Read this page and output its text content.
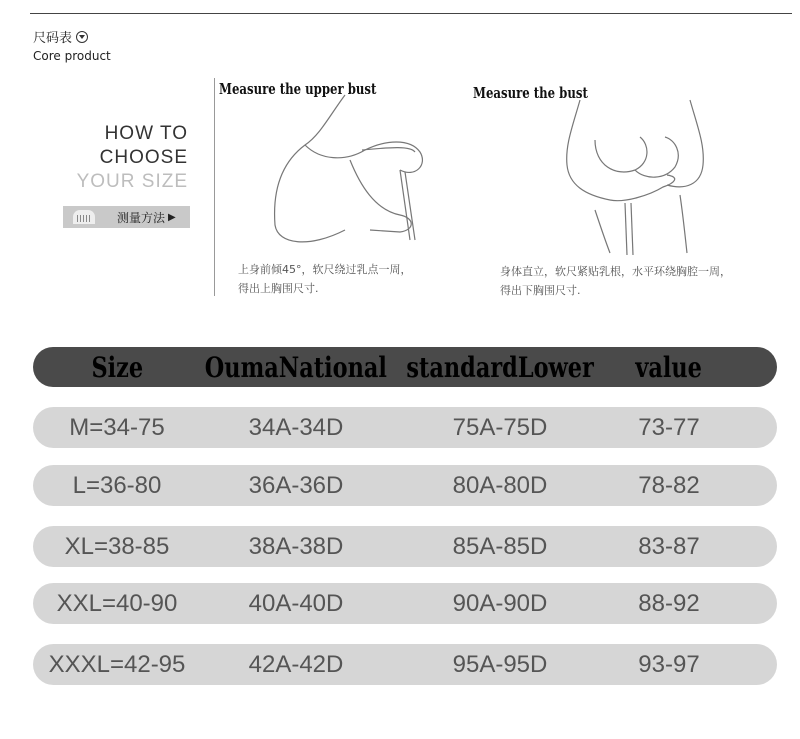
尺码表
Core product
HOW TO
CHOOSE
YOUR SIZE
测量方法 ▶
Measure the upper bust
上身前倾45°，软尺绕过乳点一周，
得出上胸围尺寸.
Measure the bust
身体直立，软尺紧贴乳根，水平环绕胸腔一周，
得出下胸围尺寸.
Size OumaNational standardLower value
M=34-75	34A-34D	75A-75D	73-77
L=36-80	36A-36D	80A-80D	78-82
XL=38-85	38A-38D	85A-85D	83-87
XXL=40-90	40A-40D	90A-90D	88-92
XXXL=42-95	42A-42D	95A-95D	93-97
